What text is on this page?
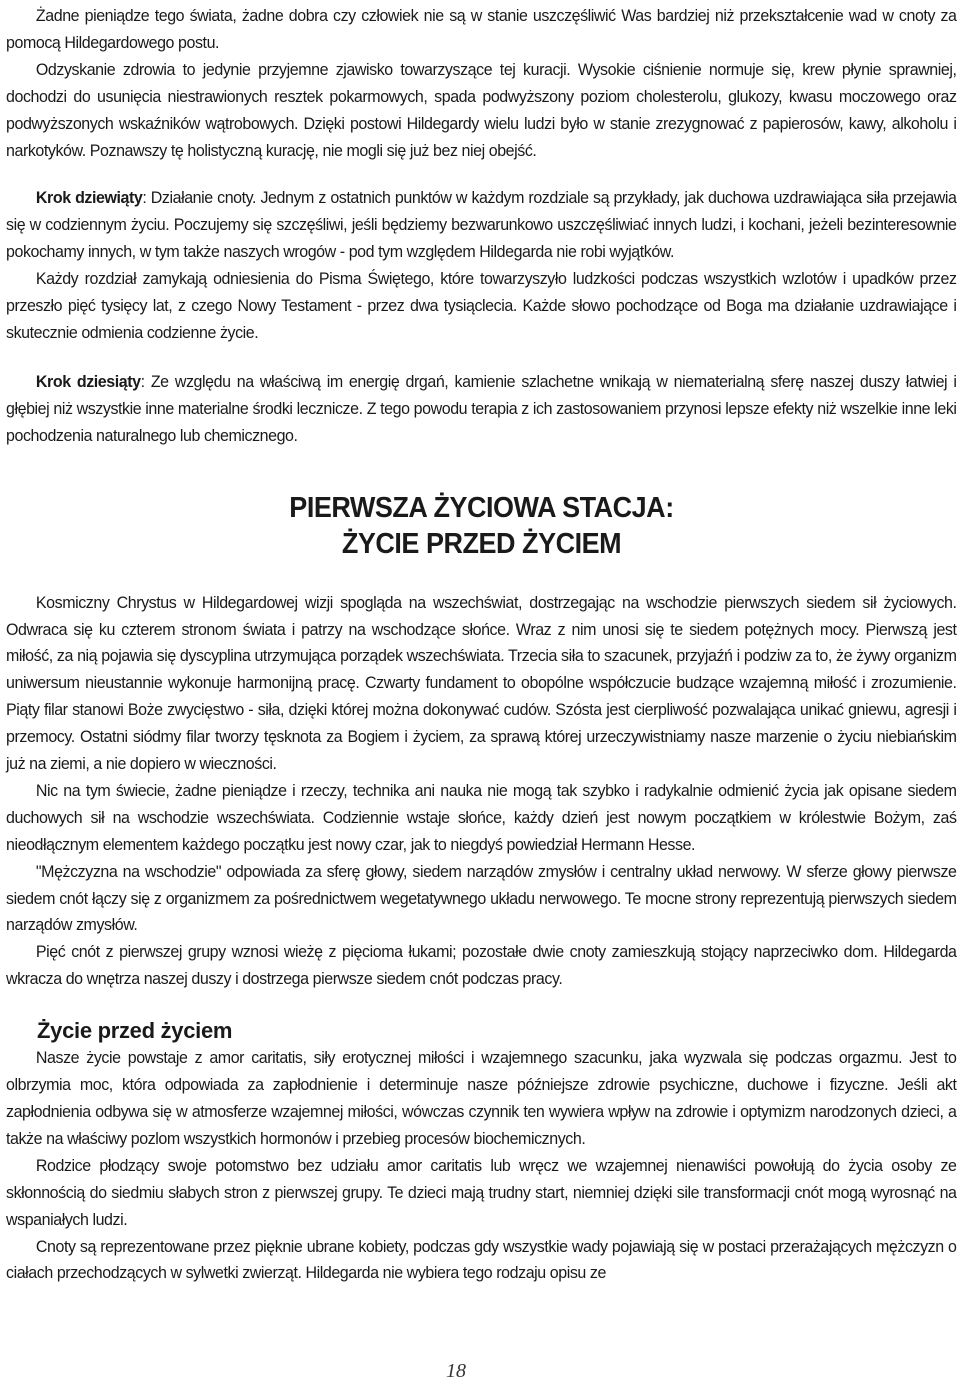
Żadne pieniądze tego świata, żadne dobra czy człowiek nie są w stanie uszczęśliwić Was bardziej niż przekształcenie wad w cnoty za pomocą Hildegardowego postu.

Odzyskanie zdrowia to jedynie przyjemne zjawisko towarzyszące tej kuracji. Wysokie ciśnienie normuje się, krew płynie sprawniej, dochodzi do usunięcia niestrawionych resztek pokarmowych, spada podwyższony poziom cholesterolu, glukozy, kwasu moczowego oraz podwyższonych wskaźników wątrobowych. Dzięki postowi Hildegardy wielu ludzi było w stanie zrezygnować z papierosów, kawy, alkoholu i narkotyków. Poznawszy tę holistyczną kurację, nie mogli się już bez niej obejść.

Krok dziewiąty: Działanie cnoty. Jednym z ostatnich punktów w każdym rozdziale są przykłady, jak duchowa uzdrawiająca siła przejawia się w codziennym życiu. Poczujemy się szczęśliwi, jeśli będziemy bezwarunkowo uszczęśliwiać innych ludzi, i kochani, jeżeli bezinteresownie pokochamy innych, w tym także naszych wrogów - pod tym względem Hildegarda nie robi wyjątków.

Każdy rozdział zamykają odniesienia do Pisma Świętego, które towarzyszyło ludzkości podczas wszystkich wzlotów i upadków przez przeszło pięć tysięcy lat, z czego Nowy Testament - przez dwa tysiąclecia. Każde słowo pochodzące od Boga ma działanie uzdrawiające i skutecznie odmienia codzienne życie.

Krok dziesiąty: Ze względu na właściwą im energię drgań, kamienie szlachetne wnikają w niematerialną sferę naszej duszy łatwiej i głębiej niż wszystkie inne materialne środki lecznicze. Z tego powodu terapia z ich zastosowaniem przynosi lepsze efekty niż wszelkie inne leki pochodzenia naturalnego lub chemicznego.

PIERWSZA ŻYCIOWA STACJA:
ŻYCIE PRZED ŻYCIEM

Kosmiczny Chrystus w Hildegardowej wizji spogląda na wszechświat, dostrzegając na wschodzie pierwszych siedem sił życiowych. Odwraca się ku czterem stronom świata i patrzy na wschodzące słońce. Wraz z nim unosi się te siedem potężnych mocy. Pierwszą jest miłość, za nią pojawia się dyscyplina utrzymująca porządek wszechświata. Trzecia siła to szacunek, przyjaźń i podziw za to, że żywy organizm uniwersum nieustannie wykonuje harmonijną pracę. Czwarty fundament to obopólne współczucie budzące wzajemną miłość i zrozumienie. Piąty filar stanowi Boże zwycięstwo - siła, dzięki której można dokonywać cudów. Szósta jest cierpliwość pozwalająca unikać gniewu, agresji i przemocy. Ostatni siódmy filar tworzy tęsknota za Bogiem i życiem, za sprawą której urzeczywistniamy nasze marzenie o życiu niebiańskim już na ziemi, a nie dopiero w wieczności.

Nic na tym świecie, żadne pieniądze i rzeczy, technika ani nauka nie mogą tak szybko i radykalnie odmienić życia jak opisane siedem duchowych sił na wschodzie wszechświata. Codziennie wstaje słońce, każdy dzień jest nowym początkiem w królestwie Bożym, zaś nieodłącznym elementem każdego początku jest nowy czar, jak to niegdyś powiedział Hermann Hesse.

"Mężczyzna na wschodzie" odpowiada za sferę głowy, siedem narządów zmysłów i centralny układ nerwowy. W sferze głowy pierwsze siedem cnót łączy się z organizmem za pośrednictwem wegetatywnego układu nerwowego. Te mocne strony reprezentują pierwszych siedem narządów zmysłów.

Pięć cnót z pierwszej grupy wznosi wieżę z pięcioma łukami; pozostałe dwie cnoty zamieszkują stojący naprzeciwko dom. Hildegarda wkracza do wnętrza naszej duszy i dostrzega pierwsze siedem cnót podczas pracy.

Życie przed życiem

Nasze życie powstaje z amor caritatis, siły erotycznej miłości i wzajemnego szacunku, jaka wyzwala się podczas orgazmu. Jest to olbrzymia moc, która odpowiada za zapłodnienie i determinuje nasze późniejsze zdrowie psychiczne, duchowe i fizyczne. Jeśli akt zapłodnienia odbywa się w atmosferze wzajemnej miłości, wówczas czynnik ten wywiera wpływ na zdrowie i optymizm narodzonych dzieci, a także na właściwy pozlom wszystkich hormonów i przebieg procesów biochemicznych.

Rodzice płodzący swoje potomstwo bez udziału amor caritatis lub wręcz we wzajemnej nienawiści powołują do życia osoby ze skłonnością do siedmiu słabych stron z pierwszej grupy. Te dzieci mają trudny start, niemniej dzięki sile transformacji cnót mogą wyrosnąć na wspaniałych ludzi.

Cnoty są reprezentowane przez pięknie ubrane kobiety, podczas gdy wszystkie wady pojawiają się w postaci przerażających mężczyzn o ciałach przechodzących w sylwetki zwierząt. Hildegarda nie wybiera tego rodzaju opisu ze

18
